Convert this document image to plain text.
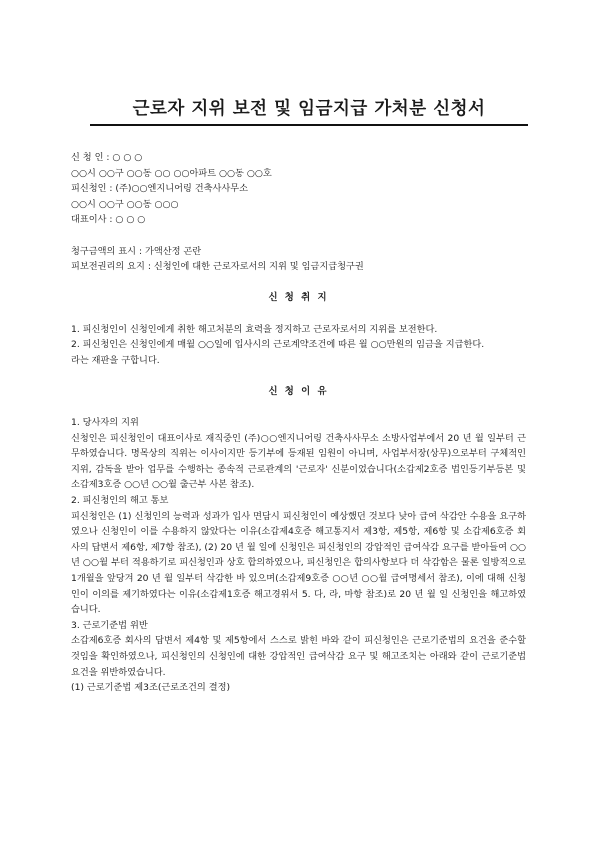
근로자 지위 보전 및 임금지급 가처분 신청서

신 청 인 : ○ ○ ○

○○시 ○○구 ○○동 ○○ ○○아파트 ○○동 ○○호

피신청인 : (주)○○엔지니어링 건축사사무소

○○시 ○○구 ○○동 ○○○

대표이사 : ○ ○ ○

청구금액의 표시 : 가액산정 곤란

피보전권리의 요지 : 신청인에 대한 근로자로서의 지위 및 임금지급청구권

신 청 취 지

1. 피신청인이 신청인에게 취한 해고처분의 효력을 정지하고 근로자로서의 지위를 보전한다.

2. 피신청인은 신청인에게 매월 ○○일에 입사시의 근로계약조건에 따른 월 ○○만원의 임금을 지급한다.

라는 재판을 구합니다.

신 청 이 유

1. 당사자의 지위

신청인은 피신청인이 대표이사로 재직중인 (주)○○엔지니어링 건축사사무소 소방사업부에서 20 년 월 일부터 근무하였습니다. 명목상의 직위는 이사이지만 등기부에 등재된 임원이 아니며, 사업부서장(상무)으로부터 구체적인 지위, 감독을 받아 업무를 수행하는 종속적 근로관계의 '근로자' 신분이었습니다(소갑제2호증 법인등기부등본 및 소갑제3호증 ○○년 ○○월 출근부 사본 참조).

2. 피신청인의 해고 통보

피신청인은 (1) 신청인의 능력과 성과가 입사 면담시 피신청인이 예상했던 것보다 낮아 급여 삭감안 수용을 요구하였으나 신청인이 이를 수용하지 않았다는 이유(소갑제4호증 해고통지서 제3항, 제5항, 제6항 및 소갑제6호증 회사의 답변서 제6항, 제7항 참조), (2) 20 년 월 일에 신청인은 피신청인의 강압적인 급여삭감 요구를 받아들여 ○○년 ○○월 부터 적용하기로 피신청인과 상호 합의하였으나, 피신청인은 합의사항보다 더 삭감함은 물론 일방적으로 1개월을 앞당겨 20 년 월 일부터 삭감한 바 있으며(소갑제9호증 ○○년 ○○월 급여명세서 참조), 이에 대해 신청인이 이의를 제기하였다는 이유(소갑제1호증 해고경위서 5. 다, 라, 마항 참조)로 20 년 월 일 신청인을 해고하였습니다.

3. 근로기준법 위반

소갑제6호증 회사의 답변서 제4항 및 제5항에서 스스로 밝힌 바와 같이 피신청인은 근로기준법의 요건을 준수할 것임을 확인하였으나, 피신청인의 신청인에 대한 강압적인 급여삭감 요구 및 해고조치는 아래와 같이 근로기준법 요건을 위반하였습니다.

(1) 근로기준법 제3조(근로조건의 결정)
